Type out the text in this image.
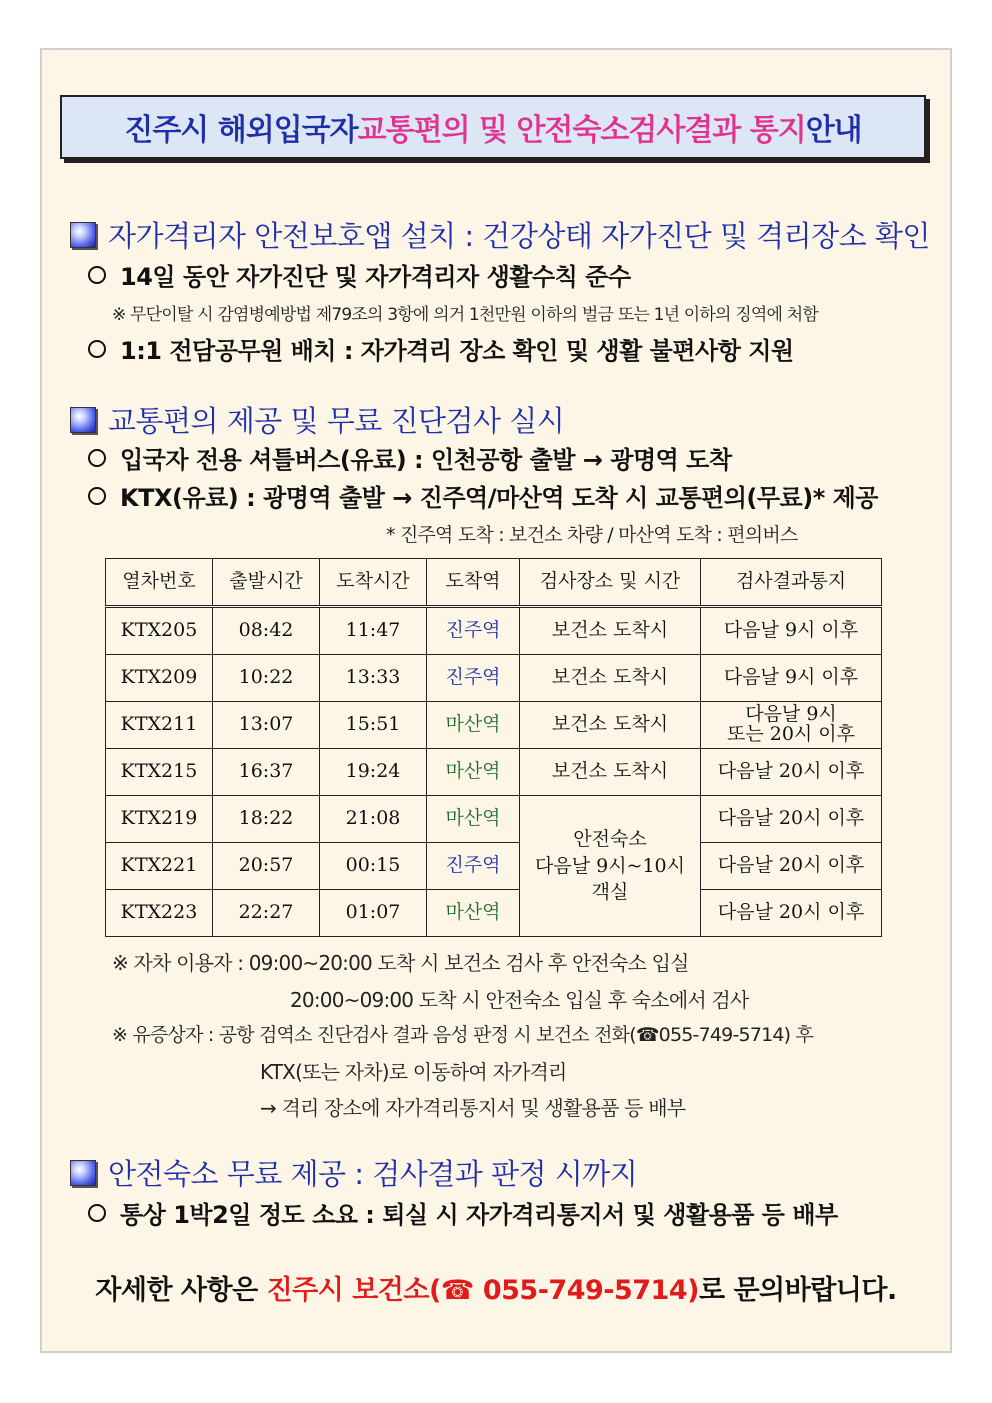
진주시 해외입국자 교통편의 및 안전숙소 검사결과 통지 안내
자가격리자 안전보호앱 설치 : 건강상태 자가진단 및 격리장소 확인
14일 동안 자가진단 및 자가격리자 생활수칙 준수
※ 무단이탈 시 감염병예방법 제79조의 3항에 의거 1천만원 이하의 벌금 또는 1년 이하의 징역에 처함
1:1 전담공무원 배치 : 자가격리 장소 확인 및 생활 불편사항 지원
교통편의 제공 및 무료 진단검사 실시
입국자 전용 셔틀버스(유료) : 인천공항 출발 → 광명역 도착
KTX(유료) : 광명역 출발 → 진주역/마산역 도착 시 교통편의(무료)* 제공
* 진주역 도착 : 보건소 차량 / 마산역 도착 : 편의버스
열차번호	출발시간	도착시간	도착역	검사장소 및 시간	검사결과통지
KTX205	08:42	11:47	진주역	보건소 도착시	다음날 9시 이후
KTX209	10:22	13:33	진주역	보건소 도착시	다음날 9시 이후
KTX211	13:07	15:51	마산역	보건소 도착시	다음날 9시
또는 20시 이후

KTX215	16:37	19:24	마산역	보건소 도착시	다음날 20시 이후
KTX219	18:22	21:08	마산역	안전숙소
다음날 9시~10시
객실	다음날 20시 이후
KTX221	20:57	00:15	진주역		다음날 20시 이후
KTX223	22:27	01:07	마산역		다음날 20시 이후
※ 자차 이용자 : 09:00~20:00 도착 시 보건소 검사 후 안전숙소 입실
20:00~09:00 도착 시 안전숙소 입실 후 숙소에서 검사
※ 유증상자 : 공항 검역소 진단검사 결과 음성 판정 시 보건소 전화(☎055-749-5714) 후
KTX(또는 자차)로 이동하여 자가격리
→ 격리 장소에 자가격리통지서 및 생활용품 등 배부
안전숙소 무료 제공 : 검사결과 판정 시까지
통상 1박2일 정도 소요 : 퇴실 시 자가격리통지서 및 생활용품 등 배부
자세한 사항은 진주시 보건소(☎ 055-749-5714)로 문의바랍니다.
